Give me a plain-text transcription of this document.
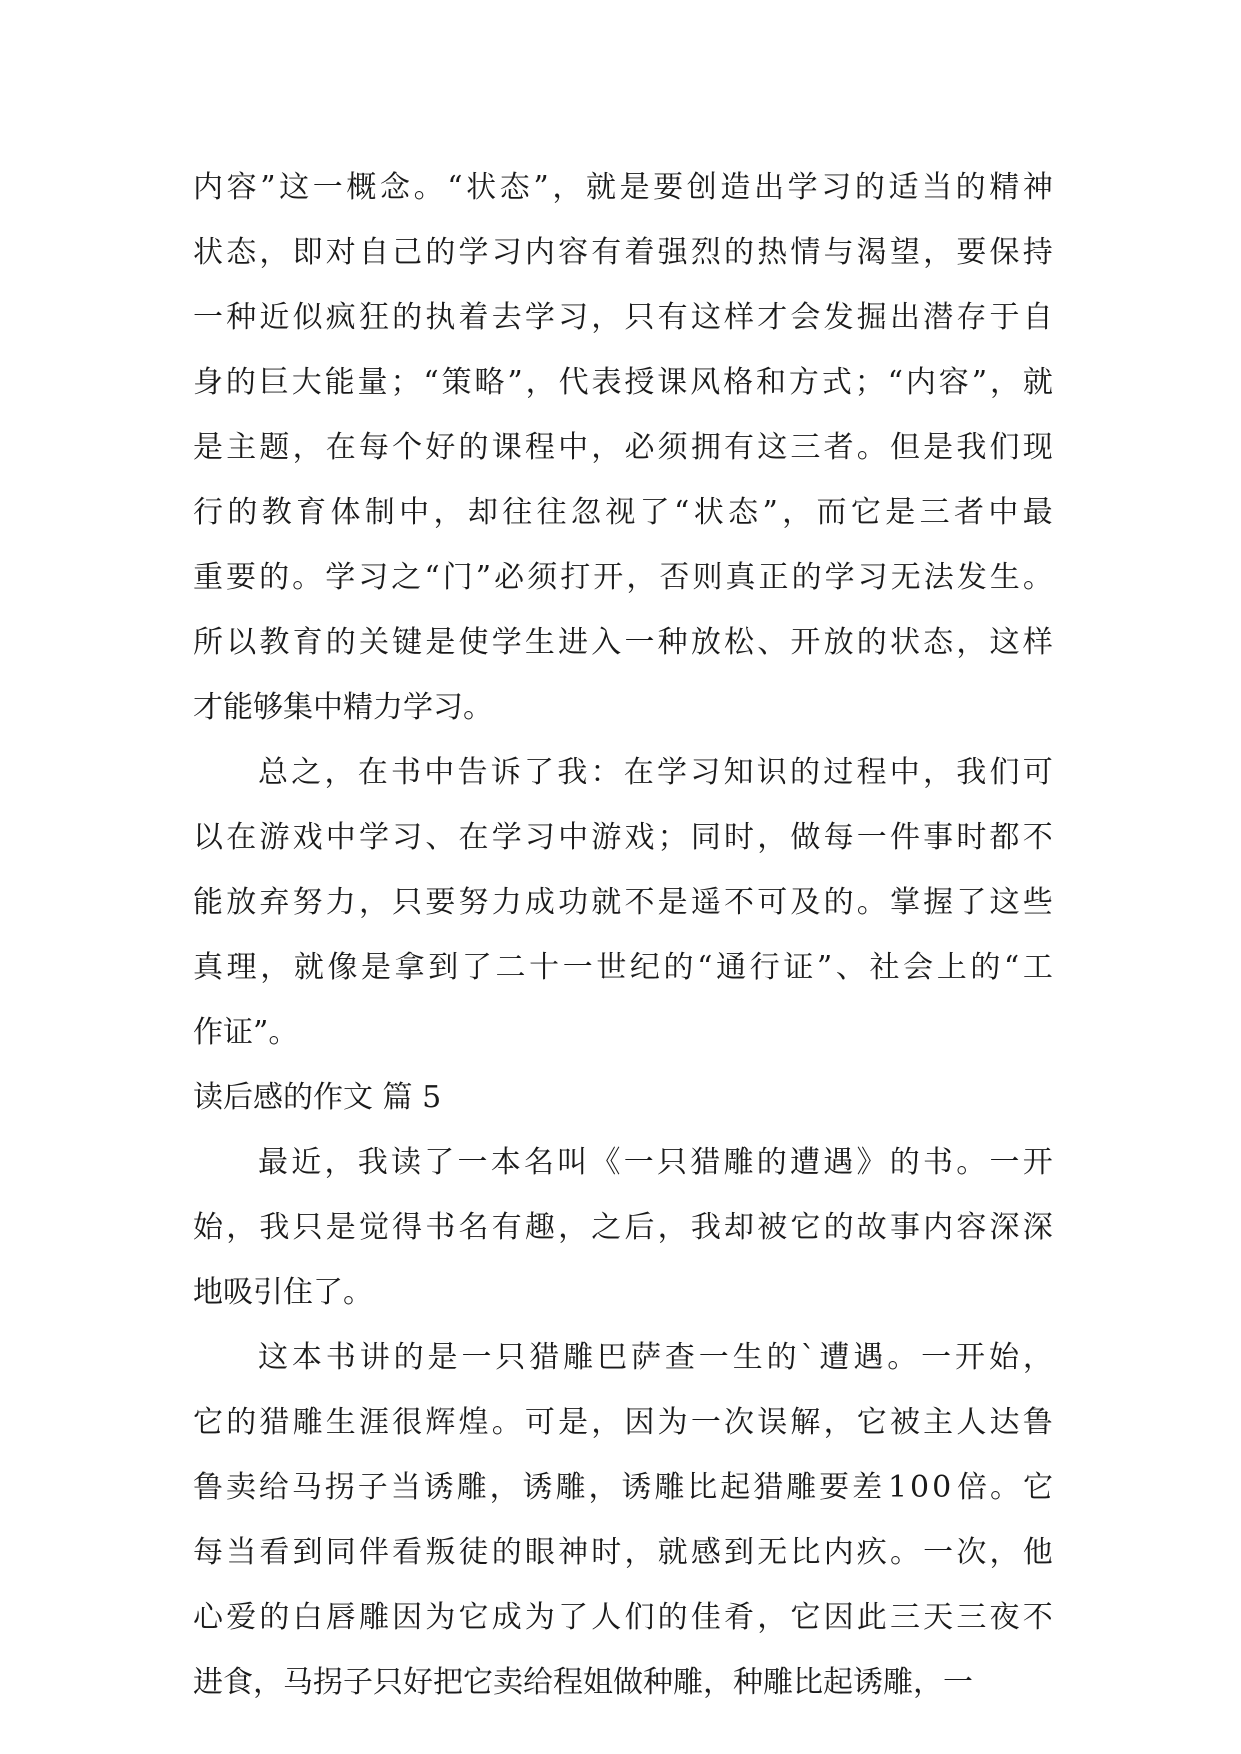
内 容 ” 这 一 概 念 。 “ 状 态 ” ， 就 是 要 创 造 出 学 习 的 适 当 的 精 神
状 态 ， 即 对 自 己 的 学 习 内 容 有 着 强 烈 的 热 情 与 渴 望 ， 要 保 持
一 种 近 似 疯 狂 的 执 着 去 学 习 ， 只 有 这 样 才 会 发 掘 出 潜 存 于 自
身 的 巨 大 能 量 ； “ 策 略 ” ， 代 表 授 课 风 格 和 方 式 ； “ 内 容 ” ， 就
是 主 题 ， 在 每 个 好 的 课 程 中 ， 必 须 拥 有 这 三 者 。 但 是 我 们 现
行 的 教 育 体 制 中 ， 却 往 往 忽 视 了 “ 状 态 ” ， 而 它 是 三 者 中 最
重 要 的 。 学 习 之 “ 门 ” 必 须 打 开 ， 否 则 真 正 的 学 习 无 法 发 生 。
所 以 教 育 的 关 键 是 使 学 生 进 入 一 种 放 松 、 开 放 的 状 态 ， 这 样
才能够集中精力学习。
总 之 ， 在 书 中 告 诉 了 我 ： 在 学 习 知 识 的 过 程 中 ， 我 们 可
以 在 游 戏 中 学 习 、 在 学 习 中 游 戏 ； 同 时 ， 做 每 一 件 事 时 都 不
能 放 弃 努 力 ， 只 要 努 力 成 功 就 不 是 遥 不 可 及 的 。 掌 握 了 这 些
真 理 ， 就 像 是 拿 到 了 二 十 一 世 纪 的 “ 通 行 证 ” 、 社 会 上 的 “ 工
作证”。
读后感的作文 篇 5
最 近 ， 我 读 了 一 本 名 叫 《 一 只 猎 雕 的 遭 遇 》 的 书 。 一 开
始 ， 我 只 是 觉 得 书 名 有 趣 ， 之 后 ， 我 却 被 它 的 故 事 内 容 深 深
地吸引住了。
这 本 书 讲 的 是 一 只 猎 雕 巴 萨 查 一 生 的 ` 遭 遇 。 一 开 始 ，
它 的 猎 雕 生 涯 很 辉 煌 。 可 是 ， 因 为 一 次 误 解 ， 它 被 主 人 达 鲁
鲁 卖 给 马 拐 子 当 诱 雕 ， 诱 雕 ， 诱 雕 比 起 猎 雕 要 差 1 0 0 倍 。 它
每 当 看 到 同 伴 看 叛 徒 的 眼 神 时 ， 就 感 到 无 比 内 疚 。 一 次 ， 他
心 爱 的 白 唇 雕 因 为 它 成 为 了 人 们 的 佳 肴 ， 它 因 此 三 天 三 夜 不
进食，马拐子只好把它卖给程姐做种雕，种雕比起诱雕，一
